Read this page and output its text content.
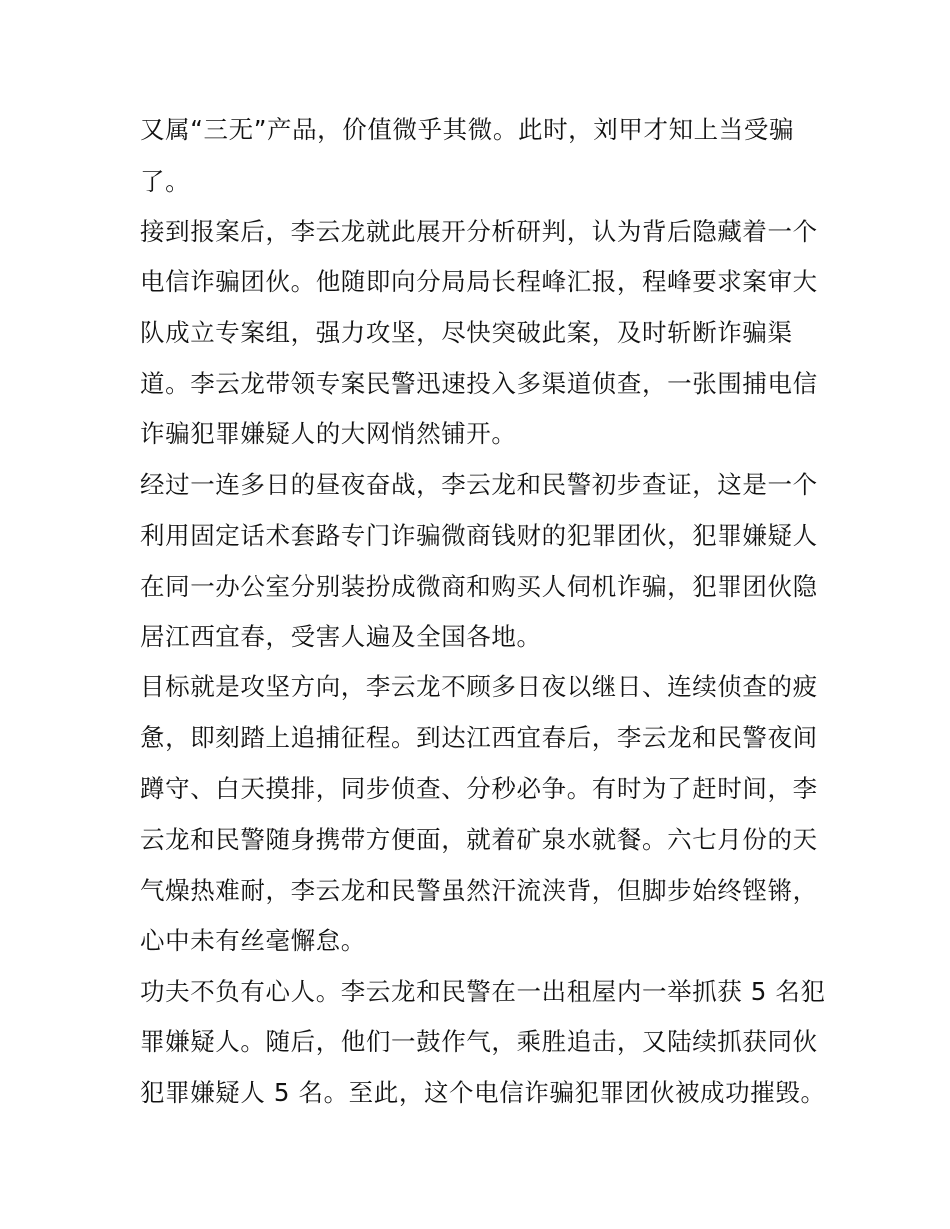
又属“三无”产品，价值微乎其微。此时，刘甲才知上当受骗
了。
接到报案后，李云龙就此展开分析研判，认为背后隐藏着一个
电信诈骗团伙。他随即向分局局长程峰汇报，程峰要求案审大
队成立专案组，强力攻坚，尽快突破此案，及时斩断诈骗渠
道。李云龙带领专案民警迅速投入多渠道侦查，一张围捕电信
诈骗犯罪嫌疑人的大网悄然铺开。
经过一连多日的昼夜奋战，李云龙和民警初步查证，这是一个
利用固定话术套路专门诈骗微商钱财的犯罪团伙，犯罪嫌疑人
在同一办公室分别装扮成微商和购买人伺机诈骗，犯罪团伙隐
居江西宜春，受害人遍及全国各地。
目标就是攻坚方向，李云龙不顾多日夜以继日、连续侦查的疲
惫，即刻踏上追捕征程。到达江西宜春后，李云龙和民警夜间
蹲守、白天摸排，同步侦查、分秒必争。有时为了赶时间，李
云龙和民警随身携带方便面，就着矿泉水就餐。六七月份的天
气燥热难耐，李云龙和民警虽然汗流浃背，但脚步始终铿锵，
心中未有丝毫懈怠。
功夫不负有心人。李云龙和民警在一出租屋内一举抓获 5 名犯
罪嫌疑人。随后，他们一鼓作气，乘胜追击，又陆续抓获同伙
犯罪嫌疑人 5 名。至此，这个电信诈骗犯罪团伙被成功摧毁。
